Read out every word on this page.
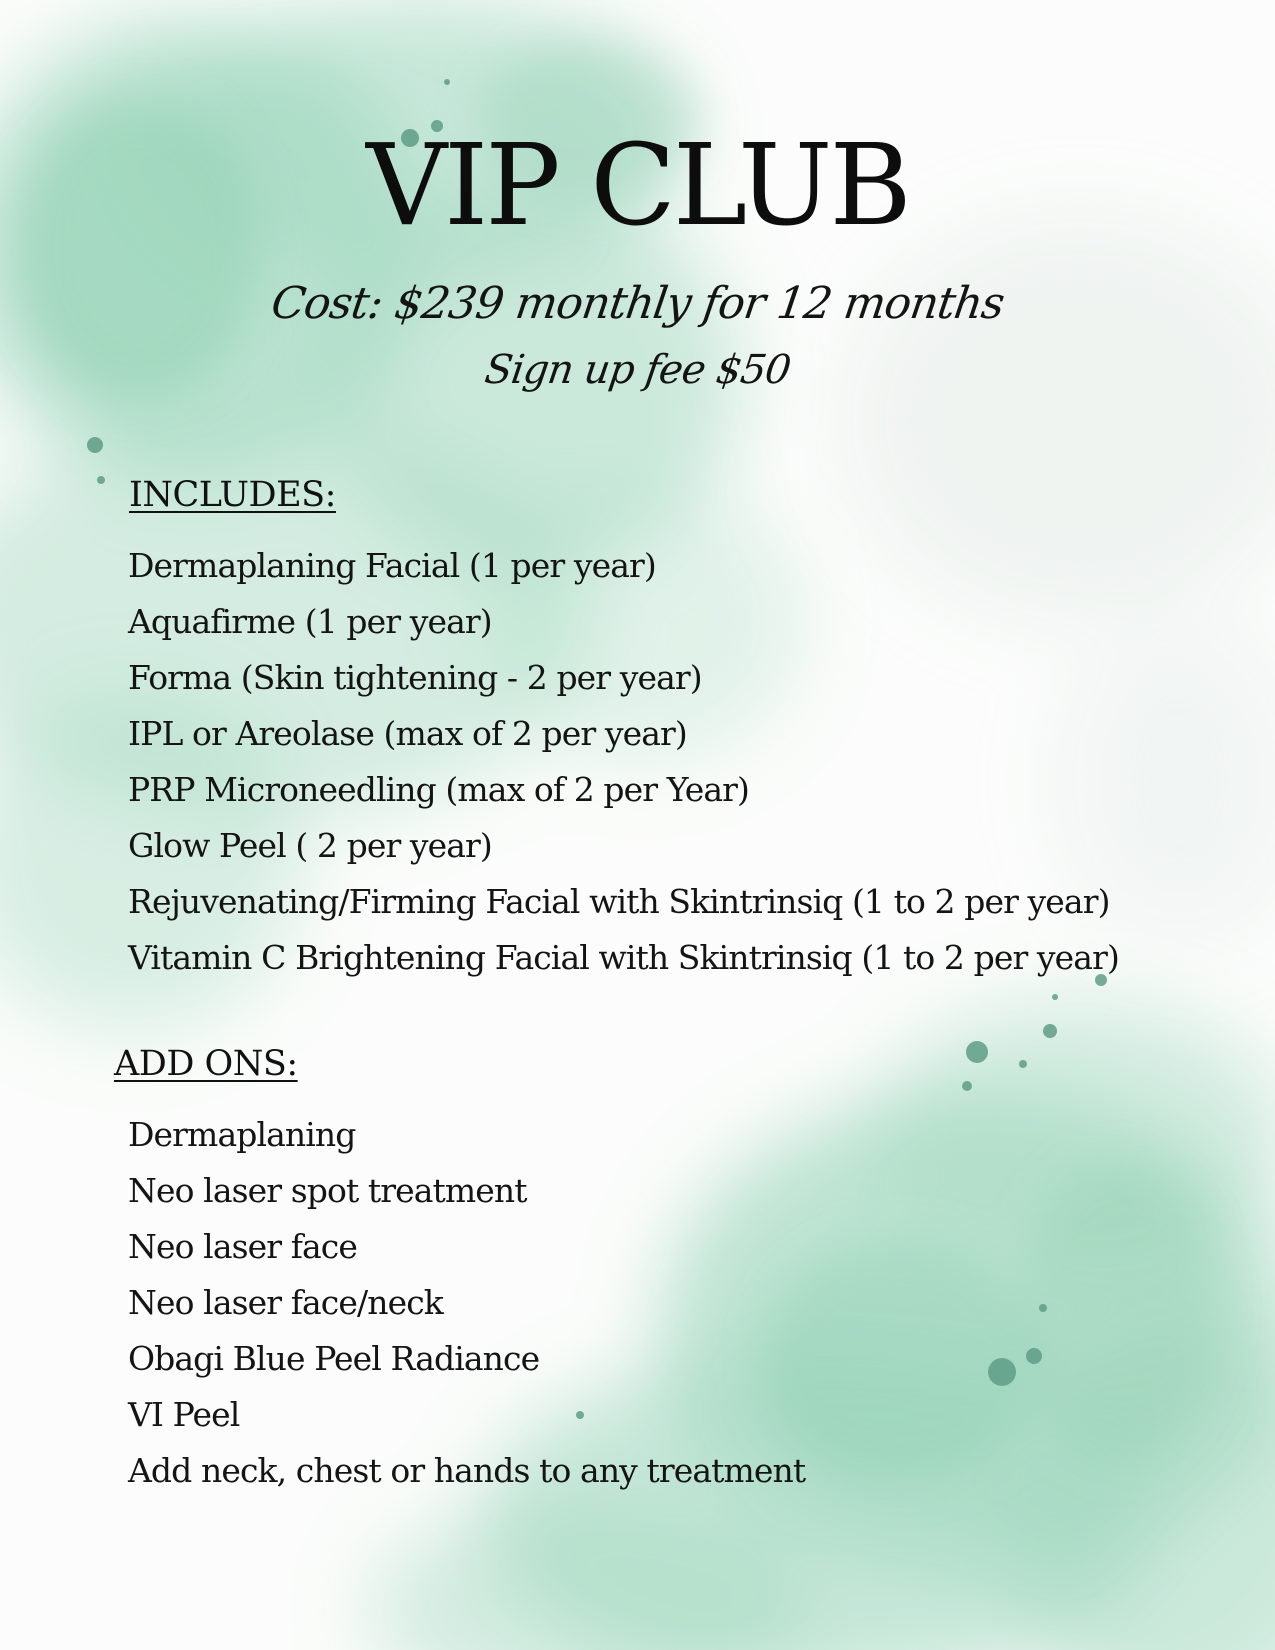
VIP CLUB
Cost: $239 monthly for 12 months
Sign up fee $50
INCLUDES:
Dermaplaning Facial (1 per year)
Aquafirme (1 per year)
Forma (Skin tightening - 2 per year)
IPL or Areolase (max of 2 per year)
PRP Microneedling (max of 2 per Year)
Glow Peel ( 2 per year)
Rejuvenating/Firming Facial with Skintrinsiq (1 to 2 per year)
Vitamin C Brightening Facial with Skintrinsiq (1 to 2 per year)
ADD ONS:
Dermaplaning
Neo laser spot treatment
Neo laser face
Neo laser face/neck
Obagi Blue Peel Radiance
VI Peel
Add neck, chest or hands to any treatment
